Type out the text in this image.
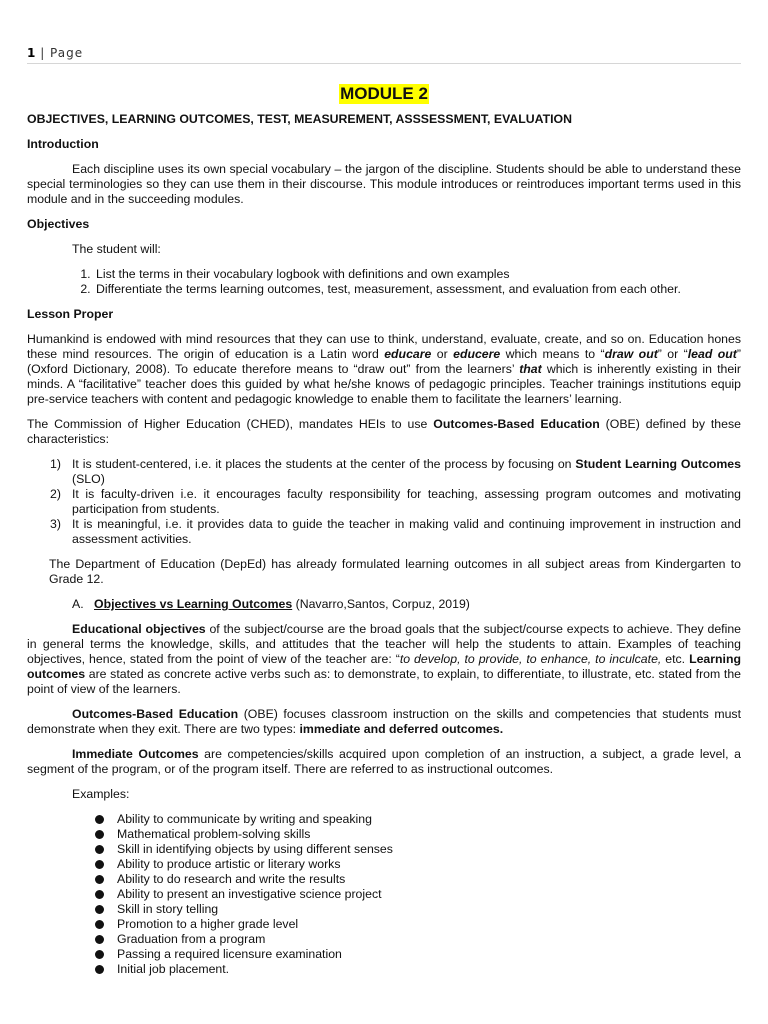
1 | Page
MODULE 2
OBJECTIVES, LEARNING OUTCOMES, TEST, MEASUREMENT, ASSSESSMENT, EVALUATION
Introduction

Each discipline uses its own special vocabulary – the jargon of the discipline. Students should be able to understand these special terminologies so they can use them in their discourse. This module introduces or reintroduces important terms used in this module and in the succeeding modules.

Objectives

The student will:

1. List the terms in their vocabulary logbook with definitions and own examples
2. Differentiate the terms learning outcomes, test, measurement, assessment, and evaluation from each other.
Lesson Proper

Humankind is endowed with mind resources that they can use to think, understand, evaluate, create, and so on. Education hones these mind resources. The origin of education is a Latin word educare or educere which means to “draw out” or “lead out” (Oxford Dictionary, 2008). To educate therefore means to “draw out” from the learners’ that which is inherently existing in their minds. A “facilitative” teacher does this guided by what he/she knows of pedagogic principles. Teacher trainings institutions equip pre-service teachers with content and pedagogic knowledge to enable them to facilitate the learners’ learning.

The Commission of Higher Education (CHED), mandates HEIs to use Outcomes-Based Education (OBE) defined by these characteristics:

1) It is student-centered, i.e. it places the students at the center of the process by focusing on Student Learning Outcomes (SLO)
2) It is faculty-driven i.e. it encourages faculty responsibility for teaching, assessing program outcomes and motivating participation from students.
3) It is meaningful, i.e. it provides data to guide the teacher in making valid and continuing improvement in instruction and assessment activities.

The Department of Education (DepEd) has already formulated learning outcomes in all subject areas from Kindergarten to Grade 12.

A. Objectives vs Learning Outcomes (Navarro,Santos, Corpuz, 2019)

Educational objectives of the subject/course are the broad goals that the subject/course expects to achieve. They define in general terms the knowledge, skills, and attitudes that the teacher will help the students to attain. Examples of teaching objectives, hence, stated from the point of view of the teacher are: “to develop, to provide, to enhance, to inculcate, etc. Learning outcomes are stated as concrete active verbs such as: to demonstrate, to explain, to differentiate, to illustrate, etc. stated from the point of view of the learners.

Outcomes-Based Education (OBE) focuses classroom instruction on the skills and competencies that students must demonstrate when they exit. There are two types: immediate and deferred outcomes.

Immediate Outcomes are competencies/skills acquired upon completion of an instruction, a subject, a grade level, a segment of the program, or of the program itself. There are referred to as instructional outcomes.

Examples:

Ability to communicate by writing and speaking
Mathematical problem-solving skills
Skill in identifying objects by using different senses
Ability to produce artistic or literary works
Ability to do research and write the results
Ability to present an investigative science project
Skill in story telling
Promotion to a higher grade level
Graduation from a program
Passing a required licensure examination
Initial job placement.
